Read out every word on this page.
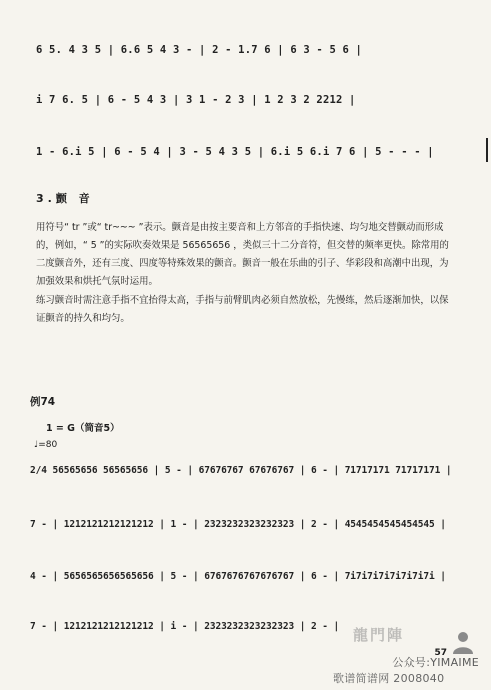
6 5. 4 3 5 | 6.6 5 4 3 - | 2 - 1.7 6 | 6 3 - 5 6 |
i 7 6. 5 | 6 - 5 4 3 | 3 1 - 2 3 | 1 2 3 2 2212 |
1 - 6.i 5 | 6 - 5 4 | 3 - 5 4 3 5 | 6.i 5 6.i 7 6 | 5 - - - |
3.颤 音
用符号“ tr ”或“ tr~~~ ”表示。颤音是由按主要音和上方邻音的手指快速、均匀地交替颤动而形成的，例如，“ 5 ”的实际吹奏效果是 56565656 ，类似三十二分音符，但交替的频率更快。除常用的二度颤音外，还有三度、四度等特殊效果的颤音。颤音一般在乐曲的引子、华彩段和高潮中出现，为加强效果和烘托气氛时运用。
练习颤音时需注意手指不宜抬得太高，手指与前臂肌肉必须自然放松，先慢练，然后逐渐加快，以保证颤音的持久和均匀。
例74
1 = G（筒音5）
♩=80
2/4 56565656 56565656 | 5 - | 67676767 67676767 | 6 - | 71717171 71717171 |
7 - | 1212121212121212 | 1 - | 2323232323232323 | 2 - | 4545454545454545 |
4 - | 5656565656565656 | 5 - | 6767676767676767 | 6 - | 7i7i7i7i7i7i7i7i |
7 - | 1212121212121212 | i - | 2323232323232323 | 2 - |
57
龍門陣
公众号:YIMAIME
歌谱简谱网 2008040
